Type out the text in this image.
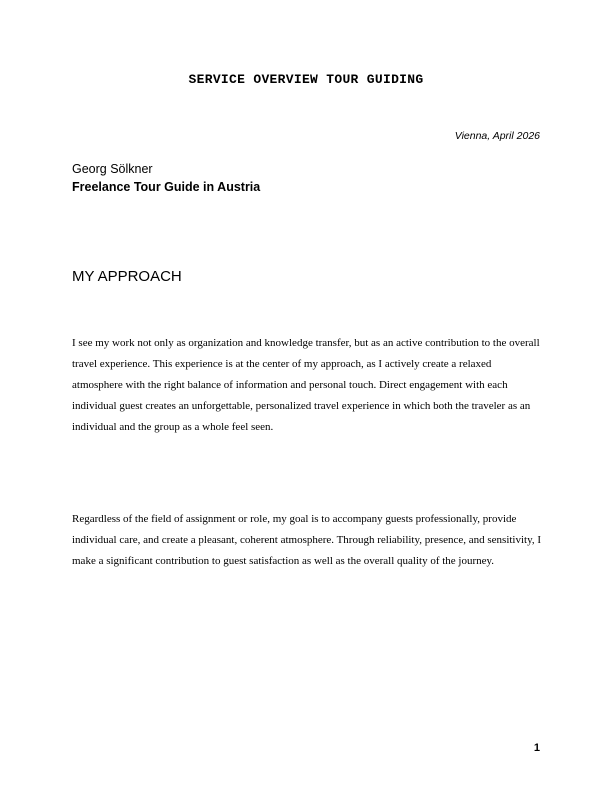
SERVICE OVERVIEW TOUR GUIDING
Vienna, April 2026
Georg Sölkner
Freelance Tour Guide in Austria
MY APPROACH

I see my work not only as organization and knowledge transfer, but as an active contribution to the overall travel experience. This experience is at the center of my approach, as I actively create a relaxed atmosphere with the right balance of information and personal touch. Direct engagement with each individual guest creates an unforgettable, personalized travel experience in which both the traveler as an individual and the group as a whole feel seen.

Regardless of the field of assignment or role, my goal is to accompany guests professionally, provide individual care, and create a pleasant, coherent atmosphere. Through reliability, presence, and sensitivity, I make a significant contribution to guest satisfaction as well as the overall quality of the journey.

1
